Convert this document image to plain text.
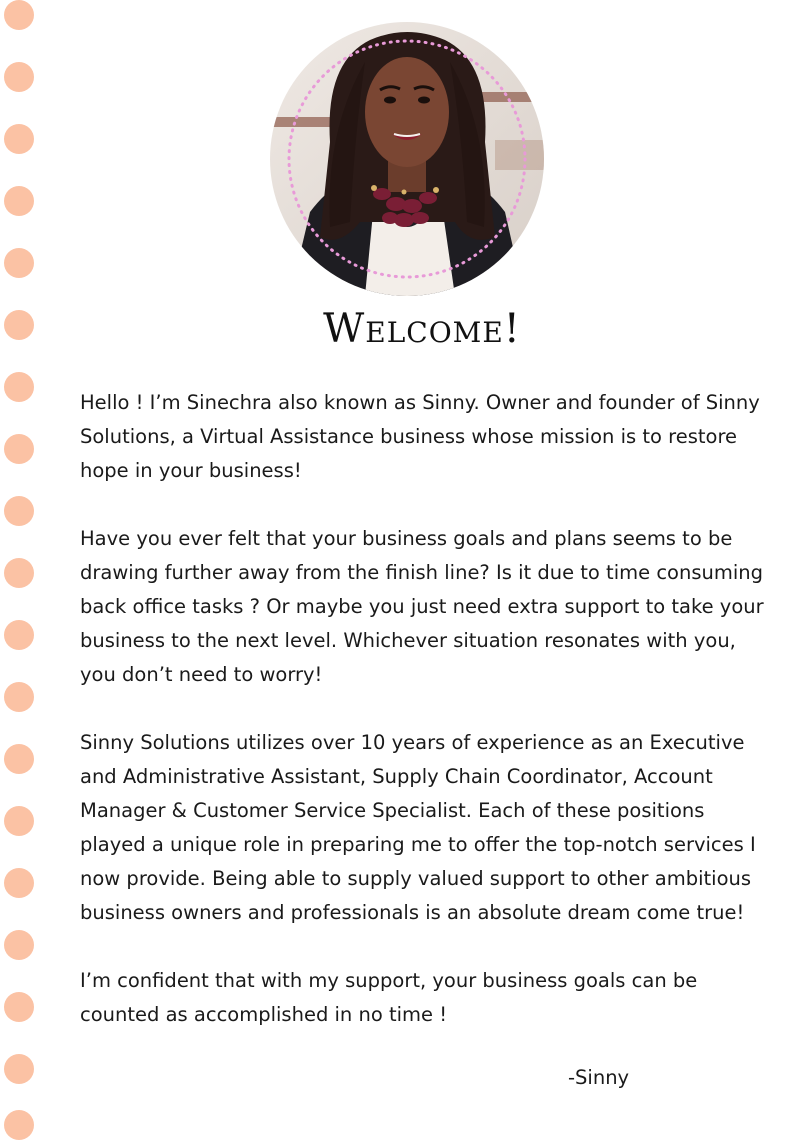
Welcome!

Hello ! I’m Sinechra also known as Sinny. Owner and founder of Sinny Solutions, a Virtual Assistance business whose mission is to restore hope in your business!

Have you ever felt that your business goals and plans seems to be drawing further away from the finish line? Is it due to time consuming back office tasks ? Or maybe you just need extra support to take your business to the next level. Whichever situation resonates with you, you don’t need to worry!

Sinny Solutions utilizes over 10 years of experience as an Executive and Administrative Assistant, Supply Chain Coordinator, Account Manager & Customer Service Specialist. Each of these positions played a unique role in preparing me to offer the top-notch services I now provide. Being able to supply valued support to other ambitious business owners and professionals is an absolute dream come true!

I’m confident that with my support, your business goals can be counted as accomplished in no time !

-Sinny
